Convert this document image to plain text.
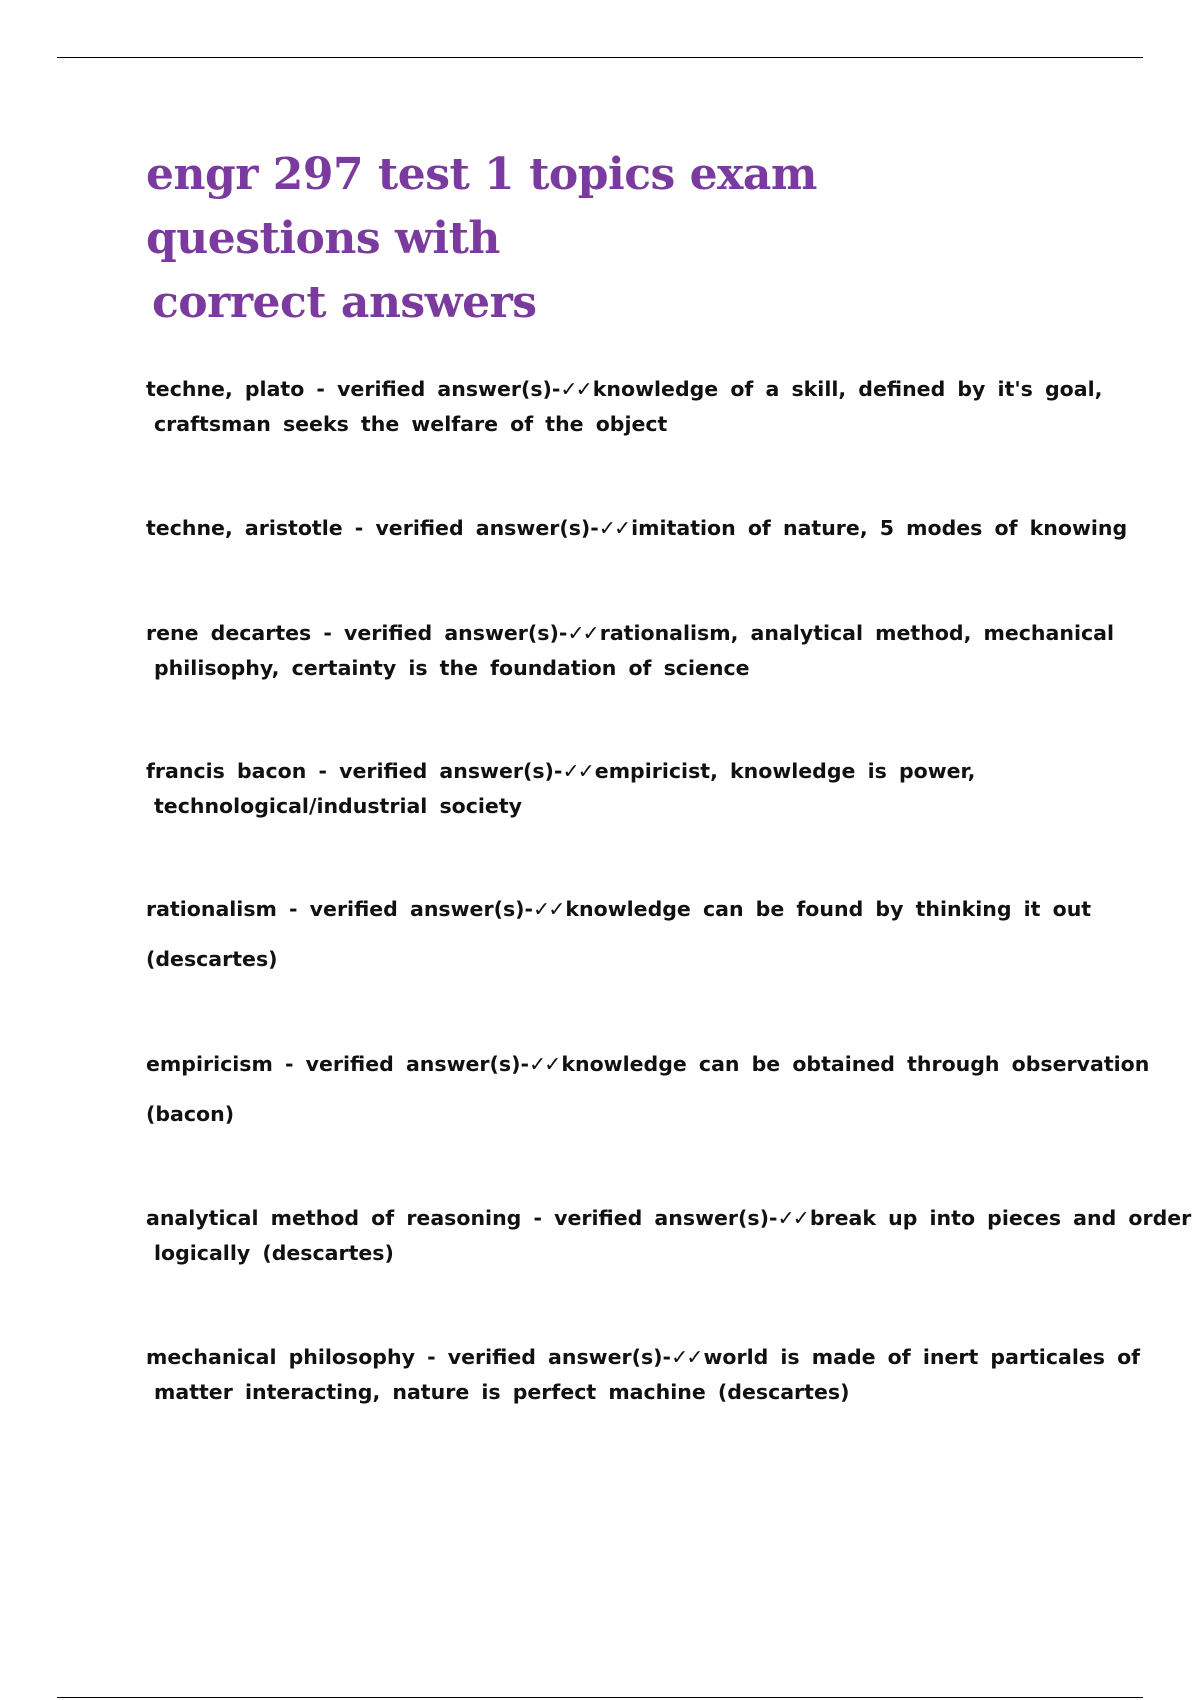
engr 297 test 1 topics exam questions with
correct answers
techne, plato - verified answer(s)-✓✓knowledge of a skill, defined by it's goal,
craftsman seeks the welfare of the object
techne, aristotle - verified answer(s)-✓✓imitation of nature, 5 modes of knowing
rene decartes - verified answer(s)-✓✓rationalism, analytical method, mechanical
philisophy, certainty is the foundation of science
francis bacon - verified answer(s)-✓✓empiricist, knowledge is power,
technological/industrial society
rationalism - verified answer(s)-✓✓knowledge can be found by thinking it out
(descartes)
empiricism - verified answer(s)-✓✓knowledge can be obtained through observation
(bacon)
analytical method of reasoning - verified answer(s)-✓✓break up into pieces and order
logically (descartes)
mechanical philosophy - verified answer(s)-✓✓world is made of inert particales of
matter interacting, nature is perfect machine (descartes)
